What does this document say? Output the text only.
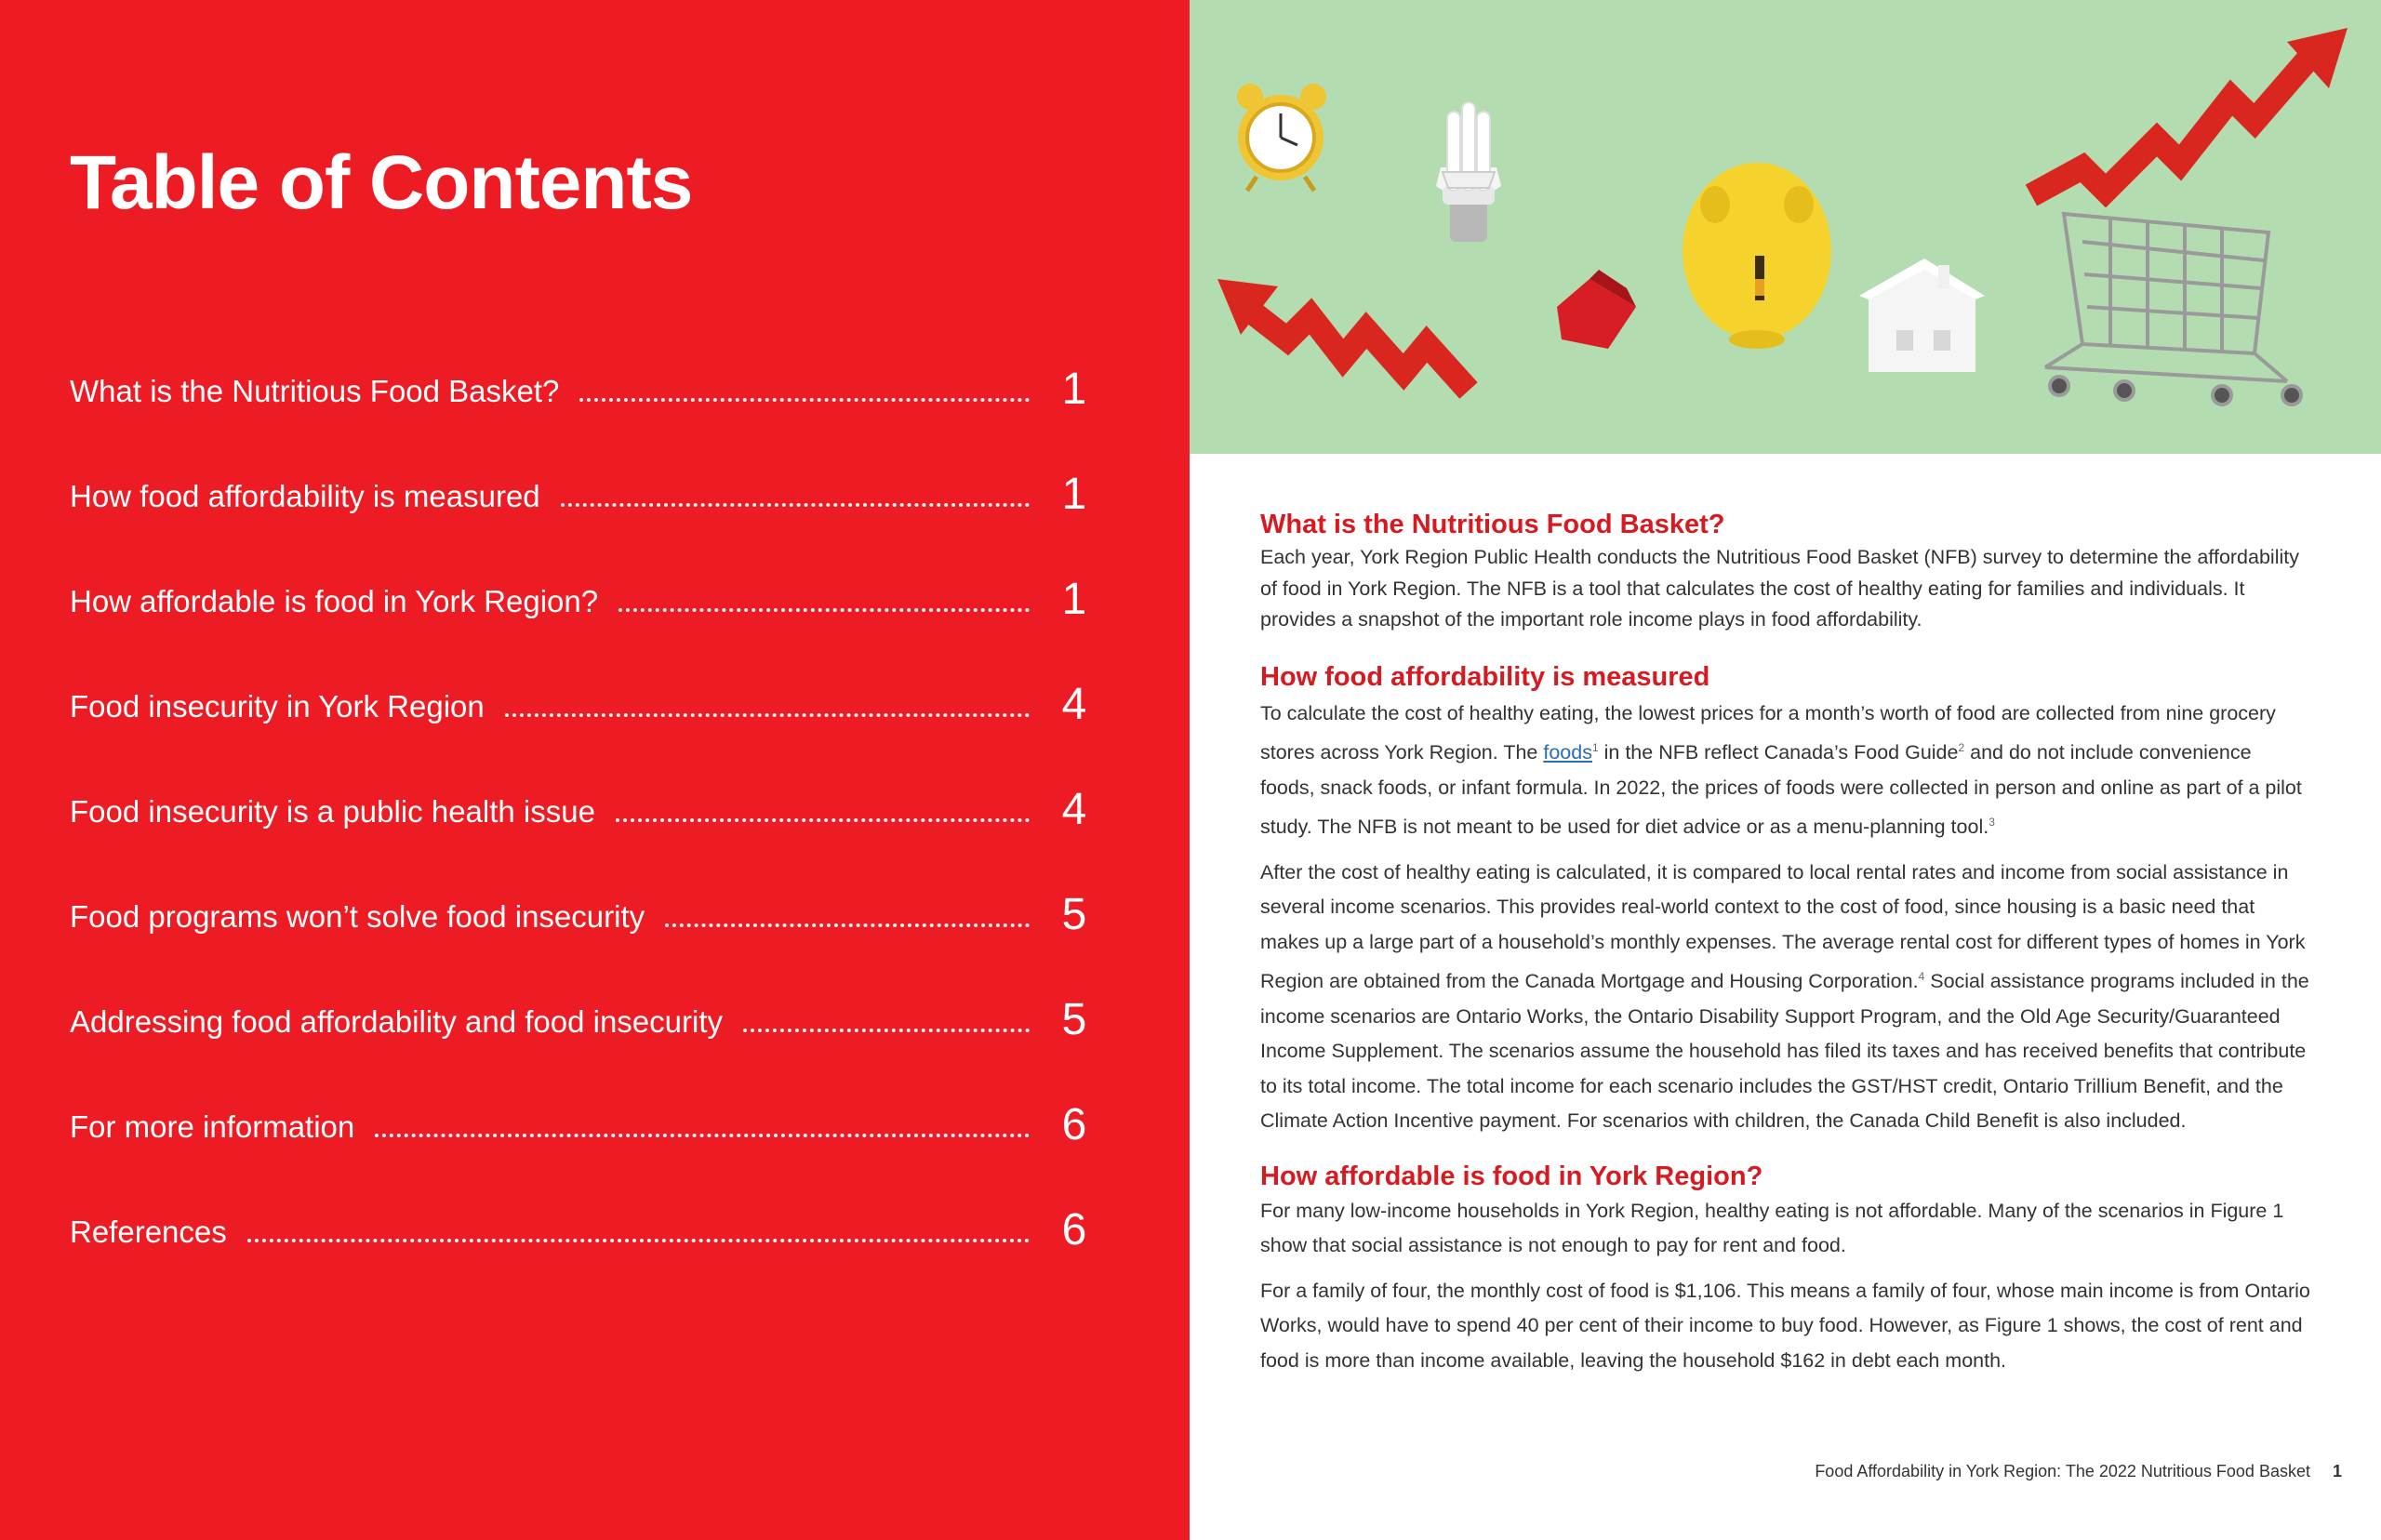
Table of Contents
What is the Nutritious Food Basket?	1
How food affordability is measured	1
How affordable is food in York Region?	1
Food insecurity in York Region	4
Food insecurity is a public health issue	4
Food programs won’t solve food insecurity	5
Addressing food affordability and food insecurity	5
For more information	6
References	6
What is the Nutritious Food Basket?

Each year, York Region Public Health conducts the Nutritious Food Basket (NFB) survey to determine the affordability of food in York Region. The NFB is a tool that calculates the cost of healthy eating for families and individuals. It provides a snapshot of the important role income plays in food affordability.

How food affordability is measured

To calculate the cost of healthy eating, the lowest prices for a month’s worth of food are collected from nine grocery stores across York Region. The foods$^1$ in the NFB reflect Canada’s Food Guide$^2$ and do not include convenience foods, snack foods, or infant formula. In 2022, the prices of foods were collected in person and online as part of a pilot study. The NFB is not meant to be used for diet advice or as a menu-planning tool.$^3$

After the cost of healthy eating is calculated, it is compared to local rental rates and income from social assistance in several income scenarios. This provides real-world context to the cost of food, since housing is a basic need that makes up a large part of a household’s monthly expenses. The average rental cost for different types of homes in York Region are obtained from the Canada Mortgage and Housing Corporation.$^4$ Social assistance programs included in the income scenarios are Ontario Works, the Ontario Disability Support Program, and the Old Age Security/Guaranteed Income Supplement. The scenarios assume the household has filed its taxes and has received benefits that contribute to its total income. The total income for each scenario includes the GST/HST credit, Ontario Trillium Benefit, and the Climate Action Incentive payment. For scenarios with children, the Canada Child Benefit is also included.

How affordable is food in York Region?

For many low-income households in York Region, healthy eating is not affordable. Many of the scenarios in Figure 1 show that social assistance is not enough to pay for rent and food.

For a family of four, the monthly cost of food is $1,106. This means a family of four, whose main income is from Ontario Works, would have to spend 40 per cent of their income to buy food. However, as Figure 1 shows, the cost of rent and food is more than income available, leaving the household $162 in debt each month.

Food Affordability in York Region: The 2022 Nutritious Food Basket 1
